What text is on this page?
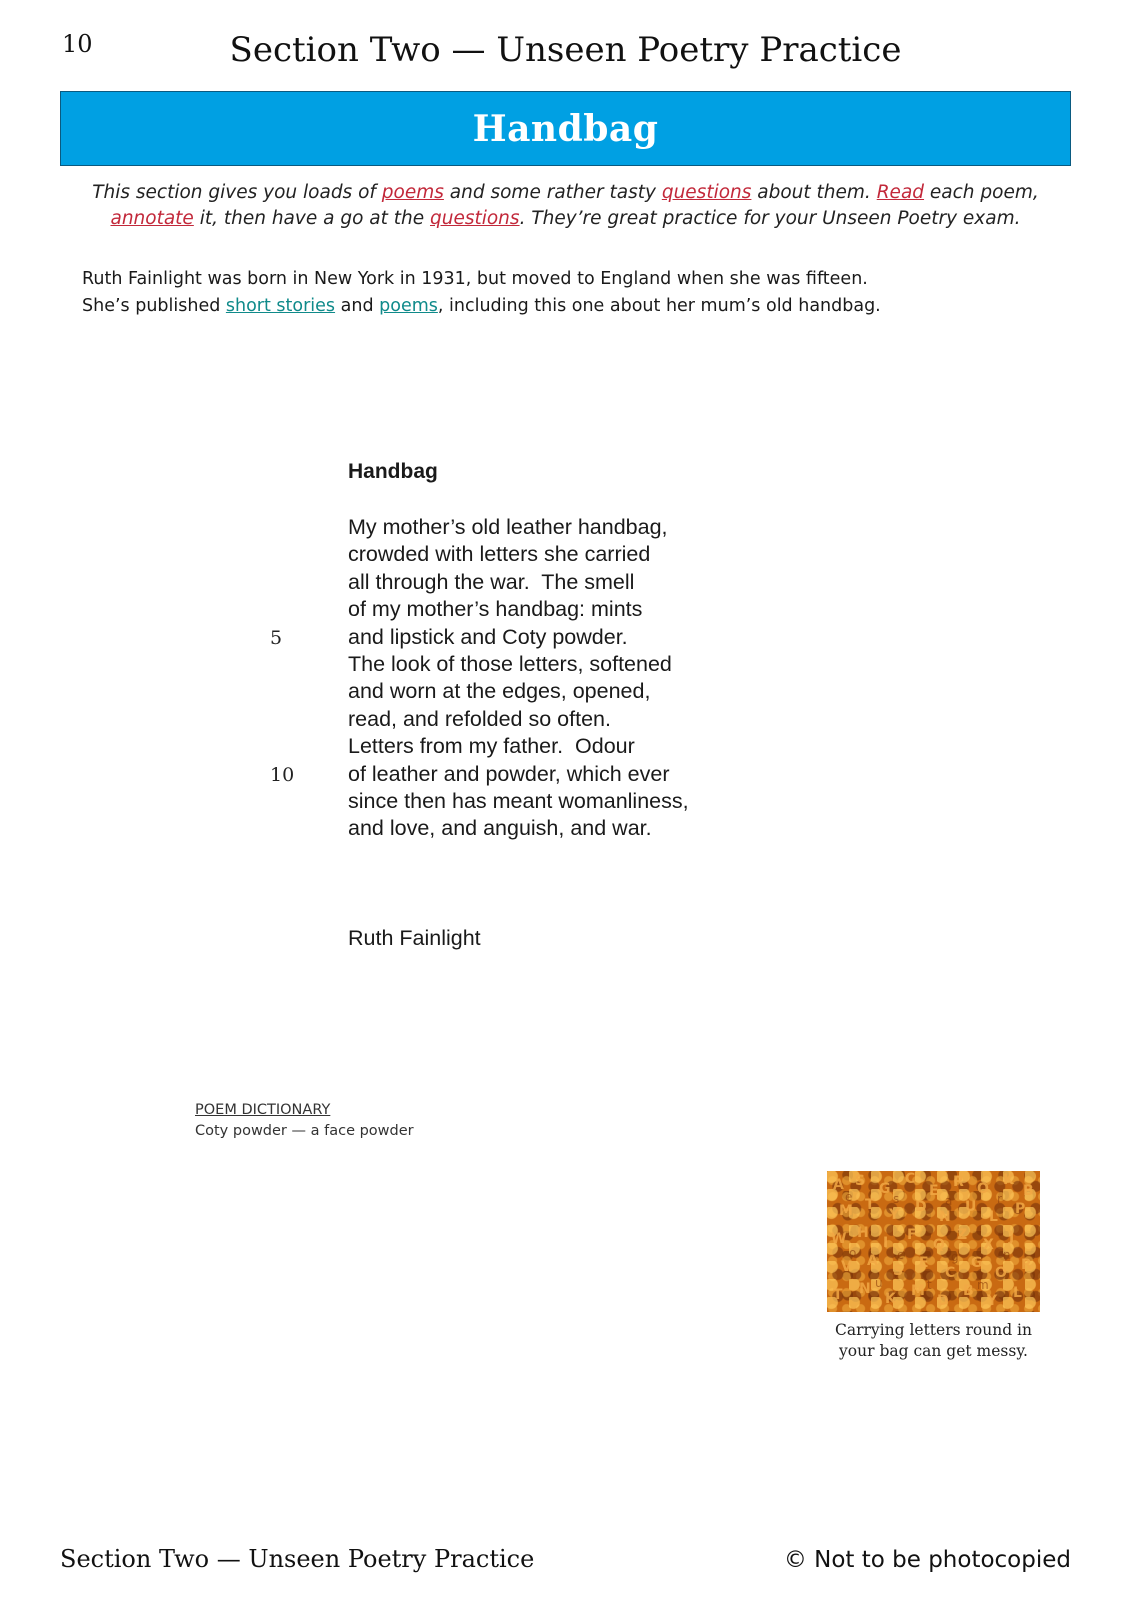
10	Section Two — Unseen Poetry Practice
Handbag
This section gives you loads of poems and some rather tasty questions about them. Read each poem,
annotate it, then have a go at the questions. They’re great practice for your Unseen Poetry exam.
Ruth Fainlight was born in New York in 1931, but moved to England when she was fifteen.
She’s published short stories and poems, including this one about her mum’s old handbag.
Handbag
My mother’s old leather handbag,
crowded with letters she carried
all through the war.  The smell
of my mother’s handbag: mints
and lipstick and Coty powder.
The look of those letters, softened
and worn at the edges, opened,
read, and refolded so often.
Letters from my father.  Odour
of leather and powder, which ever
since then has meant womanliness,
and love, and anguish, and war.
5
10
Ruth Fainlight
POEM DICTIONARY
Coty powder — a face powder
A S G
C
E
R O
K
B
M T
Y D
N
U
L P
W H
I F
Q
Z
X J
V A
S E
C
G
O R
T N
K M
D
B
Y L
e	s	a	r
o	c	g	n
u	t	m
Carrying letters round in
your bag can get messy.
Section Two — Unseen Poetry Practice	© Not to be photocopied
